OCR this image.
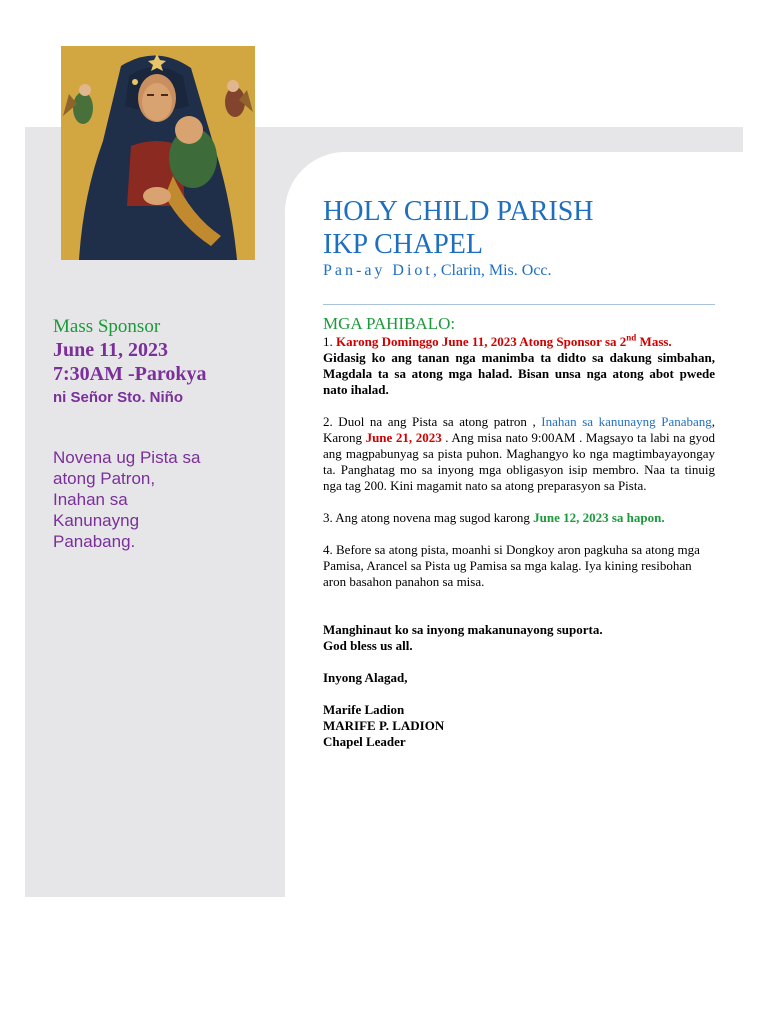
Mass Sponsor
June 11, 2023
7:30AM -Parokya
ni Señor Sto. Niño
Novena ug Pista sa
atong Patron,
Inahan sa
Kanunayng
Panabang.
HOLY CHILD PARISH
IKP CHAPEL
Pan-ay Diot, Clarin, Mis. Occ.
MGA PAHIBALO:

1. Karong Dominggo June 11, 2023 Atong Sponsor sa 2nd Mass.
Gidasig ko ang tanan nga manimba ta didto sa dakung simbahan, Magdala ta sa atong mga halad. Bisan unsa nga atong abot pwede nato ihalad.

2. Duol na ang Pista sa atong patron , Inahan sa kanunayng Panabang, Karong June 21, 2023 . Ang misa nato 9:00AM . Magsayo ta labi na gyod ang magpabunyag sa pista puhon. Maghangyo ko nga magtimbayayongay ta. Panghatag mo sa inyong mga obligasyon isip membro. Naa ta tinuig nga tag 200. Kini magamit nato sa atong preparasyon sa Pista.

3. Ang atong novena mag sugod karong June 12, 2023 sa hapon.

4. Before sa atong pista, moanhi si Dongkoy aron pagkuha sa atong mga Pamisa, Arancel sa Pista ug Pamisa sa mga kalag. Iya kining resibohan aron basahon panahon sa misa.

Manghinaut ko sa inyong makanunayong suporta.
God bless us all.
Inyong Alagad,
Marife Ladion
MARIFE P. LADION
Chapel Leader
